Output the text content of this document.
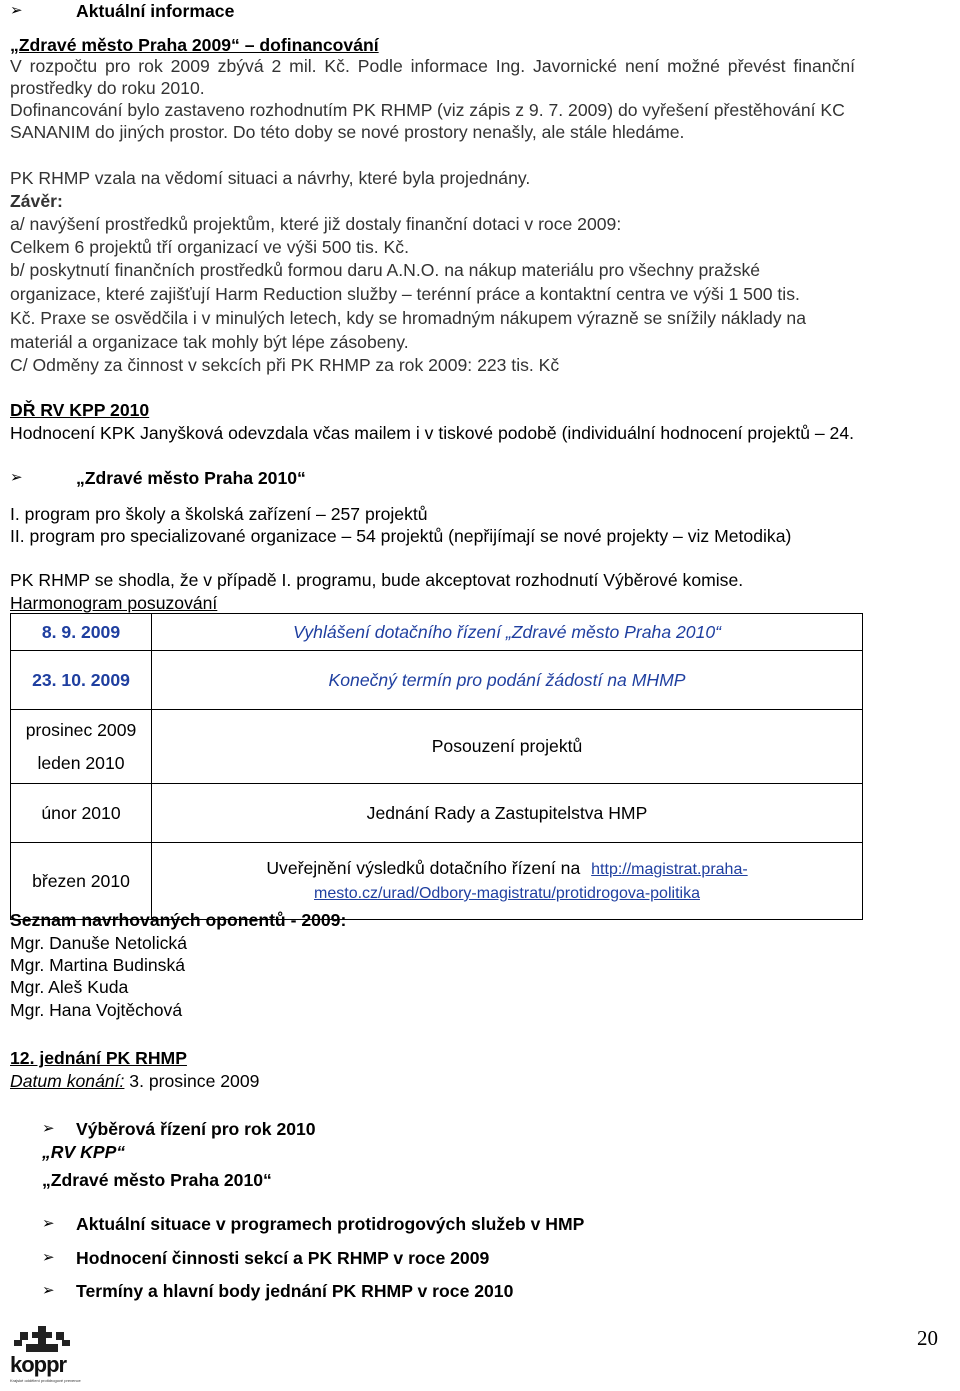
➢	Aktuální informace
„Zdravé město Praha 2009“ – dofinancování
V rozpočtu pro rok 2009 zbývá 2 mil. Kč. Podle informace Ing. Javornické není možné převést finanční
prostředky do roku 2010.
Dofinancování bylo zastaveno rozhodnutím PK RHMP (viz zápis z 9. 7. 2009) do vyřešení přestěhování KC
SANANIM do jiných prostor. Do této doby se nové prostory nenašly, ale stále hledáme.
PK RHMP vzala na vědomí situaci a návrhy, které byla projednány.
Závěr:
a/ navýšení prostředků projektům, které již dostaly finanční dotaci v roce 2009:
Celkem 6 projektů tří organizací ve výši 500 tis. Kč.
b/ poskytnutí finančních prostředků formou daru A.N.O. na nákup materiálu pro všechny pražské
organizace, které zajišťují Harm Reduction služby – terénní práce a kontaktní centra ve výši 1 500 tis.
Kč. Praxe se osvědčila i v minulých letech, kdy se hromadným nákupem výrazně se snížily náklady na
materiál a organizace tak mohly být lépe zásobeny.
C/ Odměny za činnost v sekcích při PK RHMP za rok 2009: 223 tis. Kč
DŘ RV KPP 2010
Hodnocení KPK Janyšková odevzdala včas mailem i v tiskové podobě (individuální hodnocení projektů – 24.
➢	„Zdravé město Praha 2010“
I. program pro školy a školská zařízení – 257 projektů
II. program pro specializované organizace – 54 projektů (nepřijímají se nové projekty – viz Metodika)
PK RHMP se shodla, že v případě I. programu, bude akceptovat rozhodnutí Výběrové komise.
Harmonogram posuzování
8. 9. 2009	Vyhlášení dotačního řízení „Zdravé město Praha 2010“
23. 10. 2009	Konečný termín pro podání žádostí na MHMP

prosinec 2009
leden 2010	Posouzení projektů
únor 2010	Jednání Rady a Zastupitelstva HMP
březen 2010	Uveřejnění výsledků dotačního řízení na http://magistrat.praha-
mesto.cz/urad/Odbory-magistratu/protidrogova-politika
Seznam navrhovaných oponentů - 2009:
Mgr. Danuše Netolická
Mgr. Martina Budinská
Mgr. Aleš Kuda
Mgr. Hana Vojtěchová
12. jednání PK RHMP
Datum konání: 3. prosince 2009
➢ Výběrová řízení pro rok 2010
„RV KPP“
„Zdravé město Praha 2010“
➢ Aktuální situace v programech protidrogových služeb v HMP
➢ Hodnocení činnosti sekcí a PK RHMP v roce 2009
➢ Termíny a hlavní body jednání PK RHMP v roce 2010
koppr
Krajské oddělení protidrogové prevence
20
